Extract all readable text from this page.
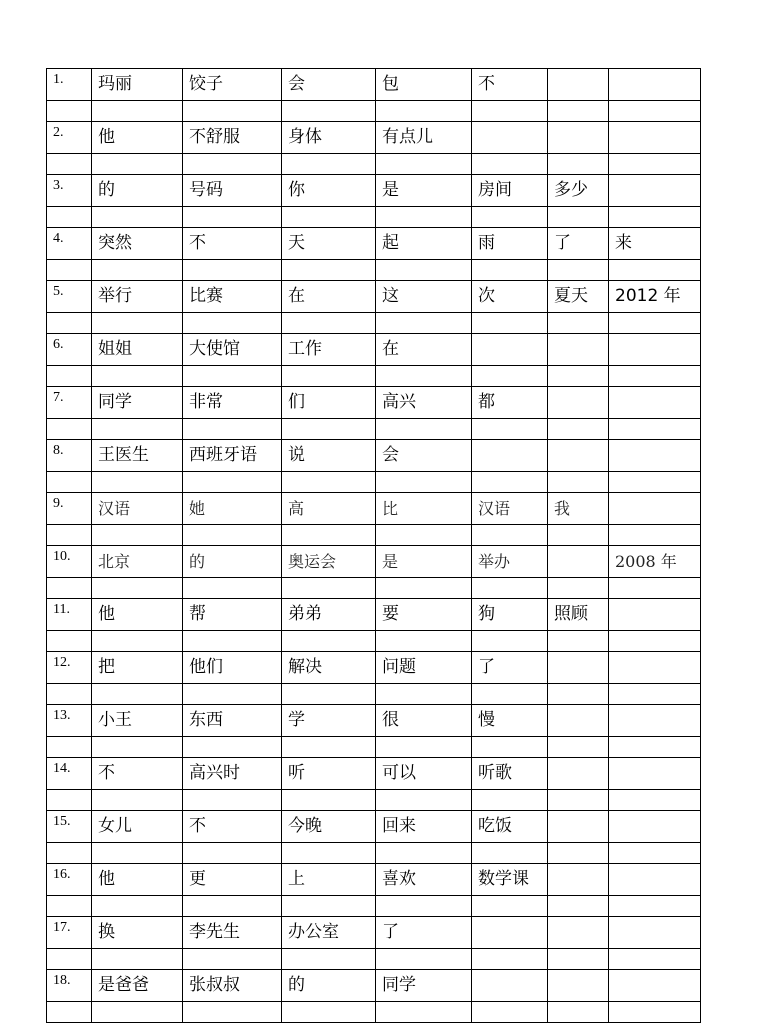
1.	玛丽	饺子	会	包	不		

2.	他	不舒服	身体	有点儿			

3.	的	号码	你	是	房间	多少	

4.	突然	不	天	起	雨	了	来

5.	举行	比赛	在	这	次	夏天	2012 年

6.	姐姐	大使馆	工作	在			

7.	同学	非常	们	高兴	都		

8.	王医生	西班牙语	说	会			

9.	汉语	她	高	比	汉语	我	

10.	北京	的	奥运会	是	举办		2008 年

11.	他	帮	弟弟	要	狗	照顾	

12.	把	他们	解决	问题	了		

13.	小王	东西	学	很	慢		

14.	不	高兴时	听	可以	听歌		

15.	女儿	不	今晚	回来	吃饭		

16.	他	更	上	喜欢	数学课		

17.	换	李先生	办公室	了			

18.	是爸爸	张叔叔	的	同学			
